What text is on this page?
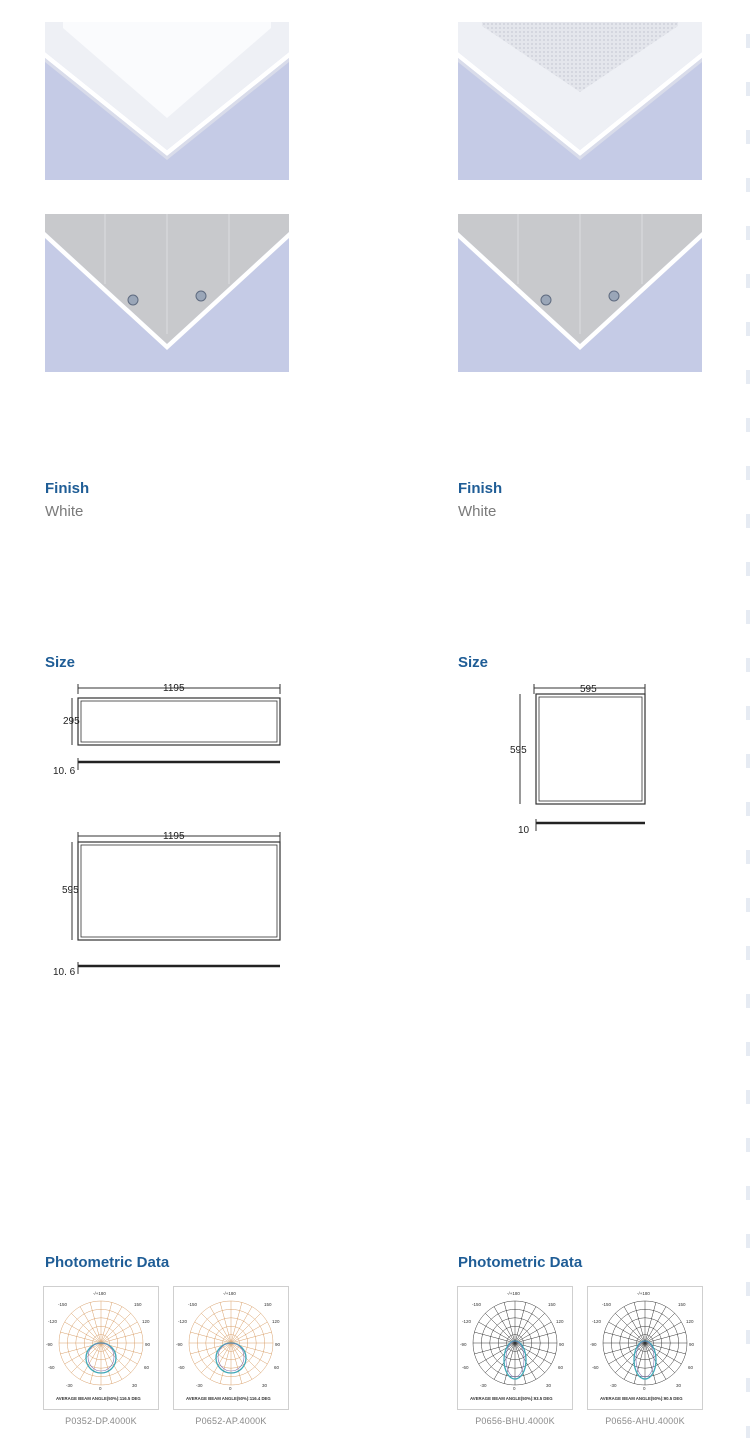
Finish
White
Size
1195
295
10. 6
1195
595
10. 6
Photometric Data
-/+180
-150	150
-120	120
-90	90
-60	60
-30	30
0
AVERAGE BEAM ANGLE(50%):116.5 DEG
P0352-DP.4000K
-/+180
-150	150
-120	120
-90	90
-60	60
-30	30
0
AVERAGE BEAM ANGLE(50%):116.4 DEG
P0652-AP.4000K
Finish
White
Size
595
595
10
Photometric Data
-/+180
-150	150
-120	120
-90	90
-60	60
-30	30
0
AVERAGE BEAM ANGLE(50%):93.5 DEG
P0656-BHU.4000K
-/+180
-150	150
-120	120
-90	90
-60	60
-30	30
0
AVERAGE BEAM ANGLE(50%):90.5 DEG
P0656-AHU.4000K
